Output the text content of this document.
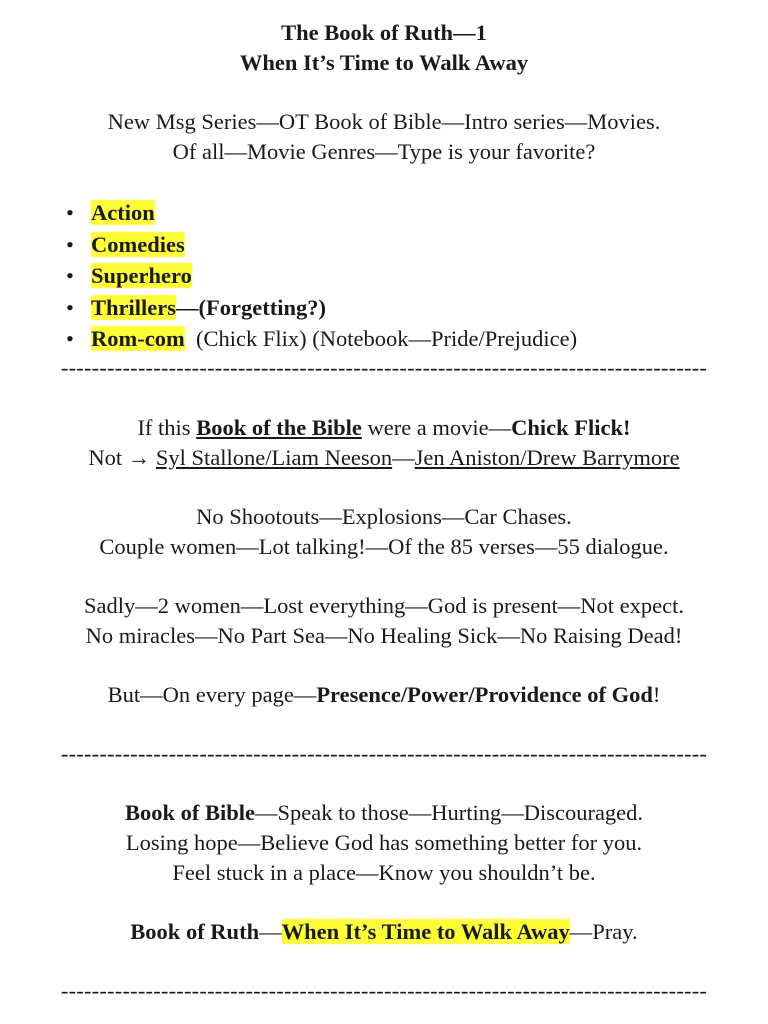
The Book of Ruth—1
When It’s Time to Walk Away
New Msg Series—OT Book of Bible—Intro series—Movies.
Of all—Movie Genres—Type is your favorite?
• Action
• Comedies
• Superhero
• Thrillers—(Forgetting?)
• Rom-com  (Chick Flix) (Notebook—Pride/Prejudice)
------------------------------------------------------------------------------------
If this Book of the Bible were a movie—Chick Flick!
Not → Syl Stallone/Liam Neeson—Jen Aniston/Drew Barrymore
No Shootouts—Explosions—Car Chases.
Couple women—Lot talking!—Of the 85 verses—55 dialogue.
Sadly—2 women—Lost everything—God is present—Not expect.
No miracles—No Part Sea—No Healing Sick—No Raising Dead!
But—On every page—Presence/Power/Providence of God!
------------------------------------------------------------------------------------
Book of Bible—Speak to those—Hurting—Discouraged.
Losing hope—Believe God has something better for you.
Feel stuck in a place—Know you shouldn’t be.
Book of Ruth—When It’s Time to Walk Away—Pray.
------------------------------------------------------------------------------------
